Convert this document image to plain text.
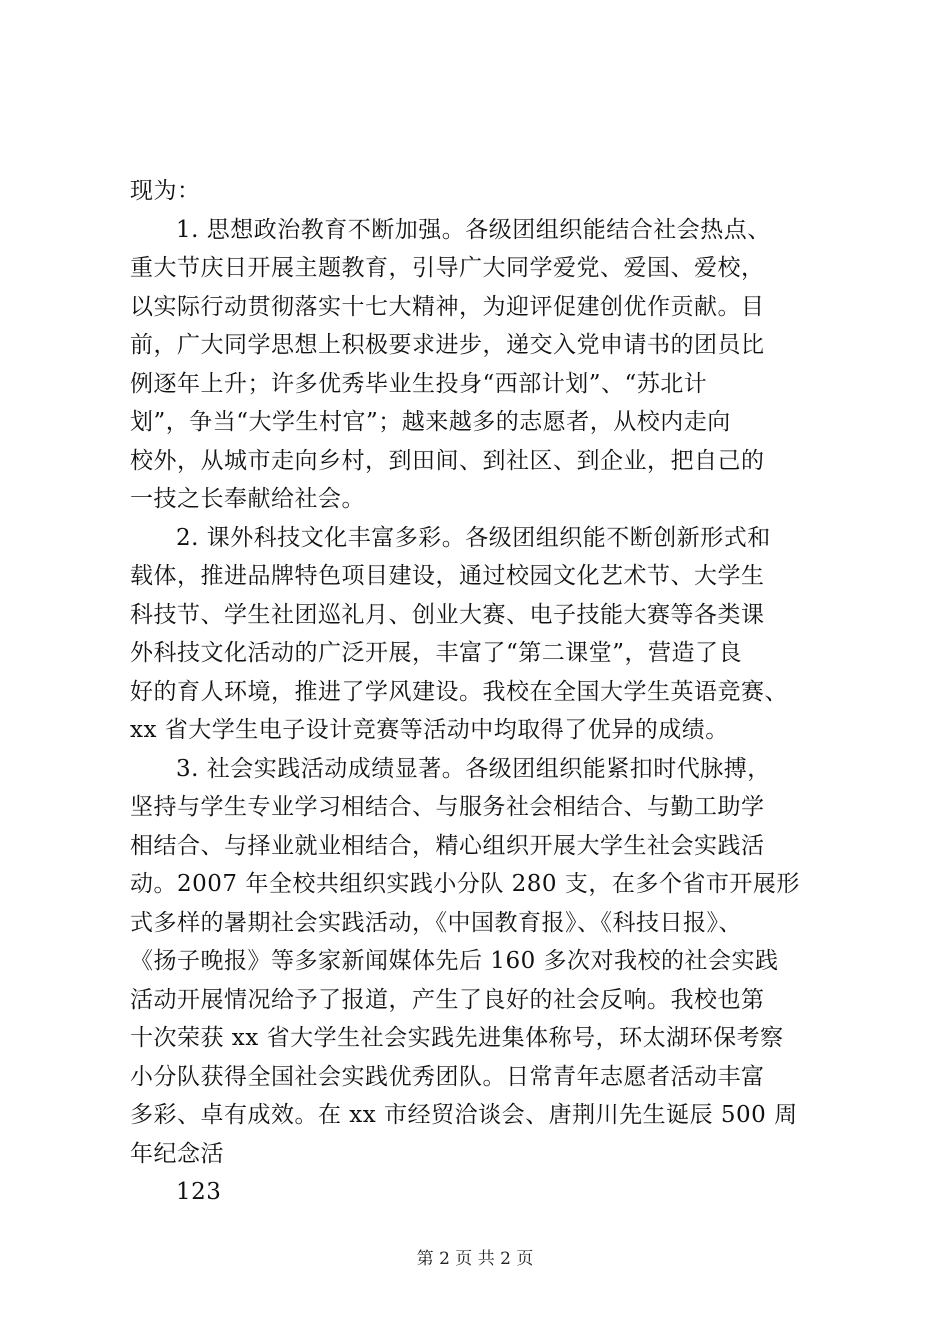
现为：
1. 思想政治教育不断加强。各级团组织能结合社会热点、
重大节庆日开展主题教育，引导广大同学爱党、爱国、爱校，
以实际行动贯彻落实十七大精神，为迎评促建创优作贡献。目
前，广大同学思想上积极要求进步，递交入党申请书的团员比
例逐年上升；许多优秀毕业生投身“西部计划”、“苏北计
划”，争当“大学生村官”；越来越多的志愿者，从校内走向
校外，从城市走向乡村，到田间、到社区、到企业，把自己的
一技之长奉献给社会。
2. 课外科技文化丰富多彩。各级团组织能不断创新形式和
载体，推进品牌特色项目建设，通过校园文化艺术节、大学生
科技节、学生社团巡礼月、创业大赛、电子技能大赛等各类课
外科技文化活动的广泛开展，丰富了“第二课堂”，营造了良
好的育人环境，推进了学风建设。我校在全国大学生英语竞赛、
xx 省大学生电子设计竞赛等活动中均取得了优异的成绩。
3. 社会实践活动成绩显著。各级团组织能紧扣时代脉搏，
坚持与学生专业学习相结合、与服务社会相结合、与勤工助学
相结合、与择业就业相结合，精心组织开展大学生社会实践活
动。2007 年全校共组织实践小分队 280 支，在多个省市开展形
式多样的暑期社会实践活动，《中国教育报》、《科技日报》、
《扬子晚报》等多家新闻媒体先后 160 多次对我校的社会实践
活动开展情况给予了报道，产生了良好的社会反响。我校也第
十次荣获 xx 省大学生社会实践先进集体称号，环太湖环保考察
小分队获得全国社会实践优秀团队。日常青年志愿者活动丰富
多彩、卓有成效。在 xx 市经贸洽谈会、唐荆川先生诞辰 500 周
年纪念活
123
第 2 页 共 2 页
